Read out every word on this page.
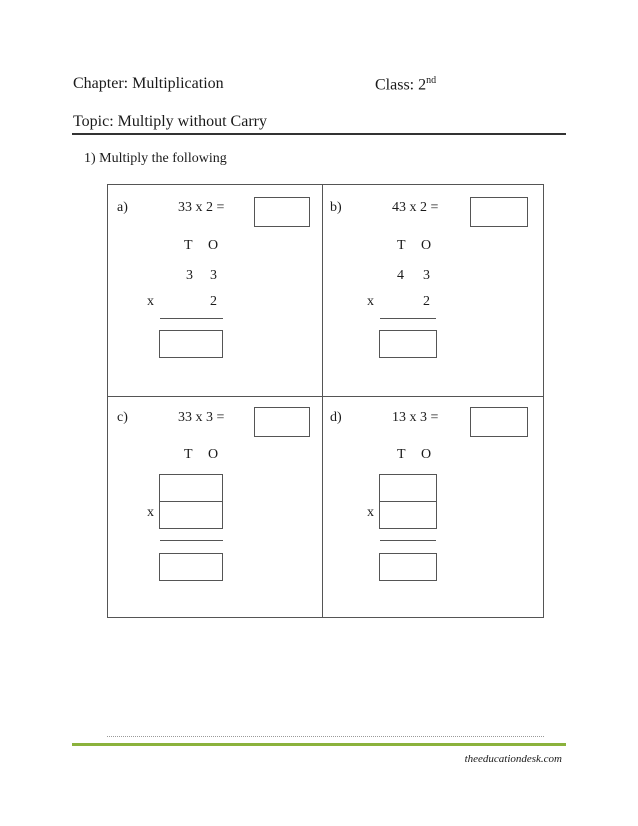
Chapter: Multiplication	Class: 2nd
Topic: Multiply without Carry
1) Multiply the following
a)	33 x 2 =
T O
3 3
x	2
b)	43 x 2 =
T O
4 3
x	2
c)	33 x 3 =
T O
x
d)	13 x 3 =
T O
x
theeducationdesk.com
